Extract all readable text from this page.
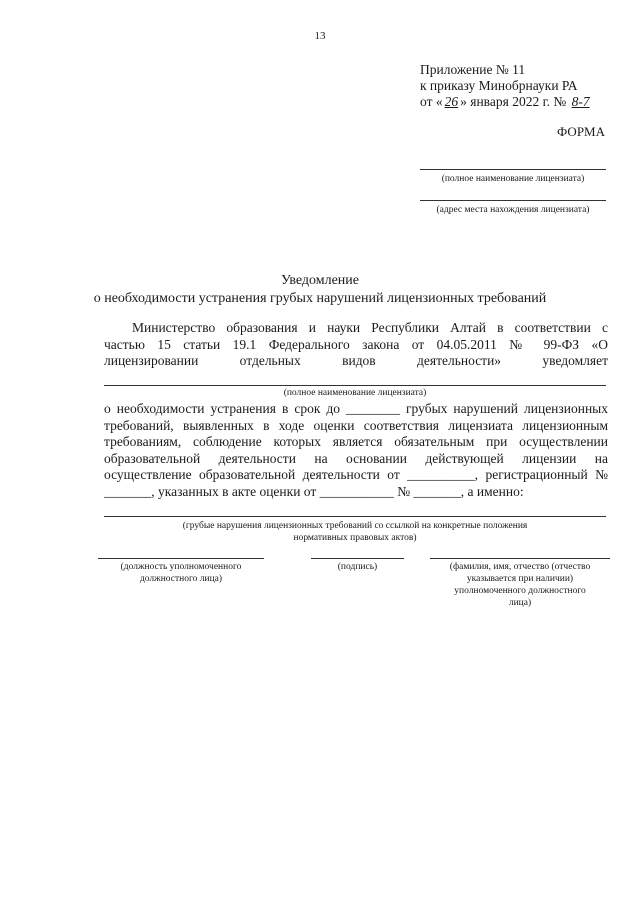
13
Приложение № 11
к приказу Минобрнауки РА
от « 26 » января 2022 г. № 8-7
ФОРМА
(полное наименование лицензиата)
(адрес места нахождения лицензиата)
Уведомление
о необходимости устранения грубых нарушений лицензионных требований
Министерство образования и науки Республики Алтай в соответствии с
частью 15 статьи 19.1 Федерального закона от 04.05.2011 № 99-ФЗ «О
лицензировании отдельных видов деятельности» уведомляет
(полное наименование лицензиата)
о необходимости устранения в срок до ________ грубых нарушений лицензионных
требований, выявленных в ходе оценки соответствия лицензиата лицензионным
требованиям, соблюдение которых является обязательным при осуществлении
образовательной деятельности на основании действующей лицензии на
осуществление образовательной деятельности от __________, регистрационный №
_______, указанных в акте оценки от ___________ № _______, а именно:
(грубые нарушения лицензионных требований со ссылкой на конкретные положения
нормативных правовых актов)
(должность уполномоченного
должностного лица)
(подпись)	(фамилия, имя, отчество (отчество
указывается при наличии)
уполномоченного должностного
лица)
